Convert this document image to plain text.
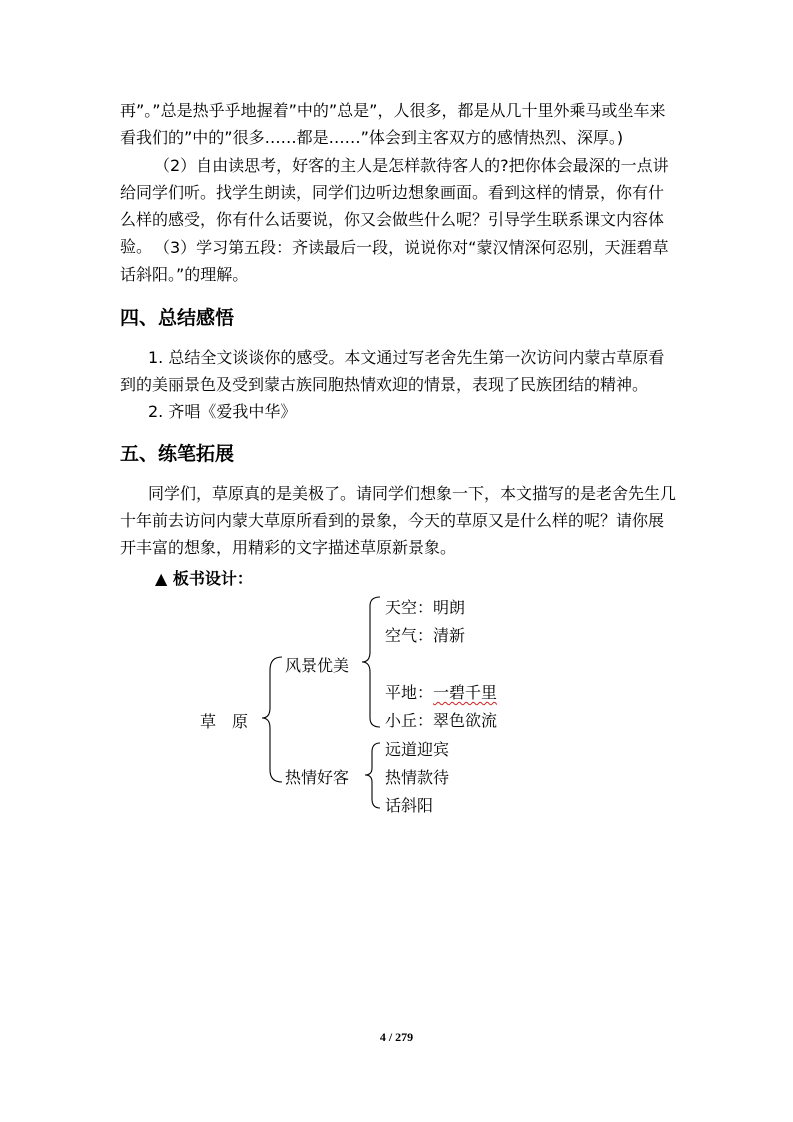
再”。”总是热乎乎地握着”中的”总是”，人很多，都是从几十里外乘马或坐车来看我们的”中的”很多……都是……”体会到主客双方的感情热烈、深厚。)

（2）自由读思考，好客的主人是怎样款待客人的?把你体会最深的一点讲给同学们听。找学生朗读，同学们边听边想象画面。看到这样的情景，你有什么样的感受，你有什么话要说，你又会做些什么呢？引导学生联系课文内容体验。 （3）学习第五段：齐读最后一段，说说你对“蒙汉情深何忍别，天涯碧草话斜阳。”的理解。

四、总结感悟

1. 总结全文谈谈你的感受。本文通过写老舍先生第一次访问内蒙古草原看到的美丽景色及受到蒙古族同胞热情欢迎的情景，表现了民族团结的精神。

2. 齐唱《爱我中华》

五、练笔拓展

同学们，草原真的是美极了。请同学们想象一下，本文描写的是老舍先生几十年前去访问内蒙大草原所看到的景象，今天的草原又是什么样的呢？请你展开丰富的想象，用精彩的文字描述草原新景象。

▲ 板书设计：
草　原
风景优美
天空：明朗
空气：清新
平地：一碧千里
小丘：翠色欲流
热情好客
远道迎宾
热情款待
话斜阳
4 / 279
